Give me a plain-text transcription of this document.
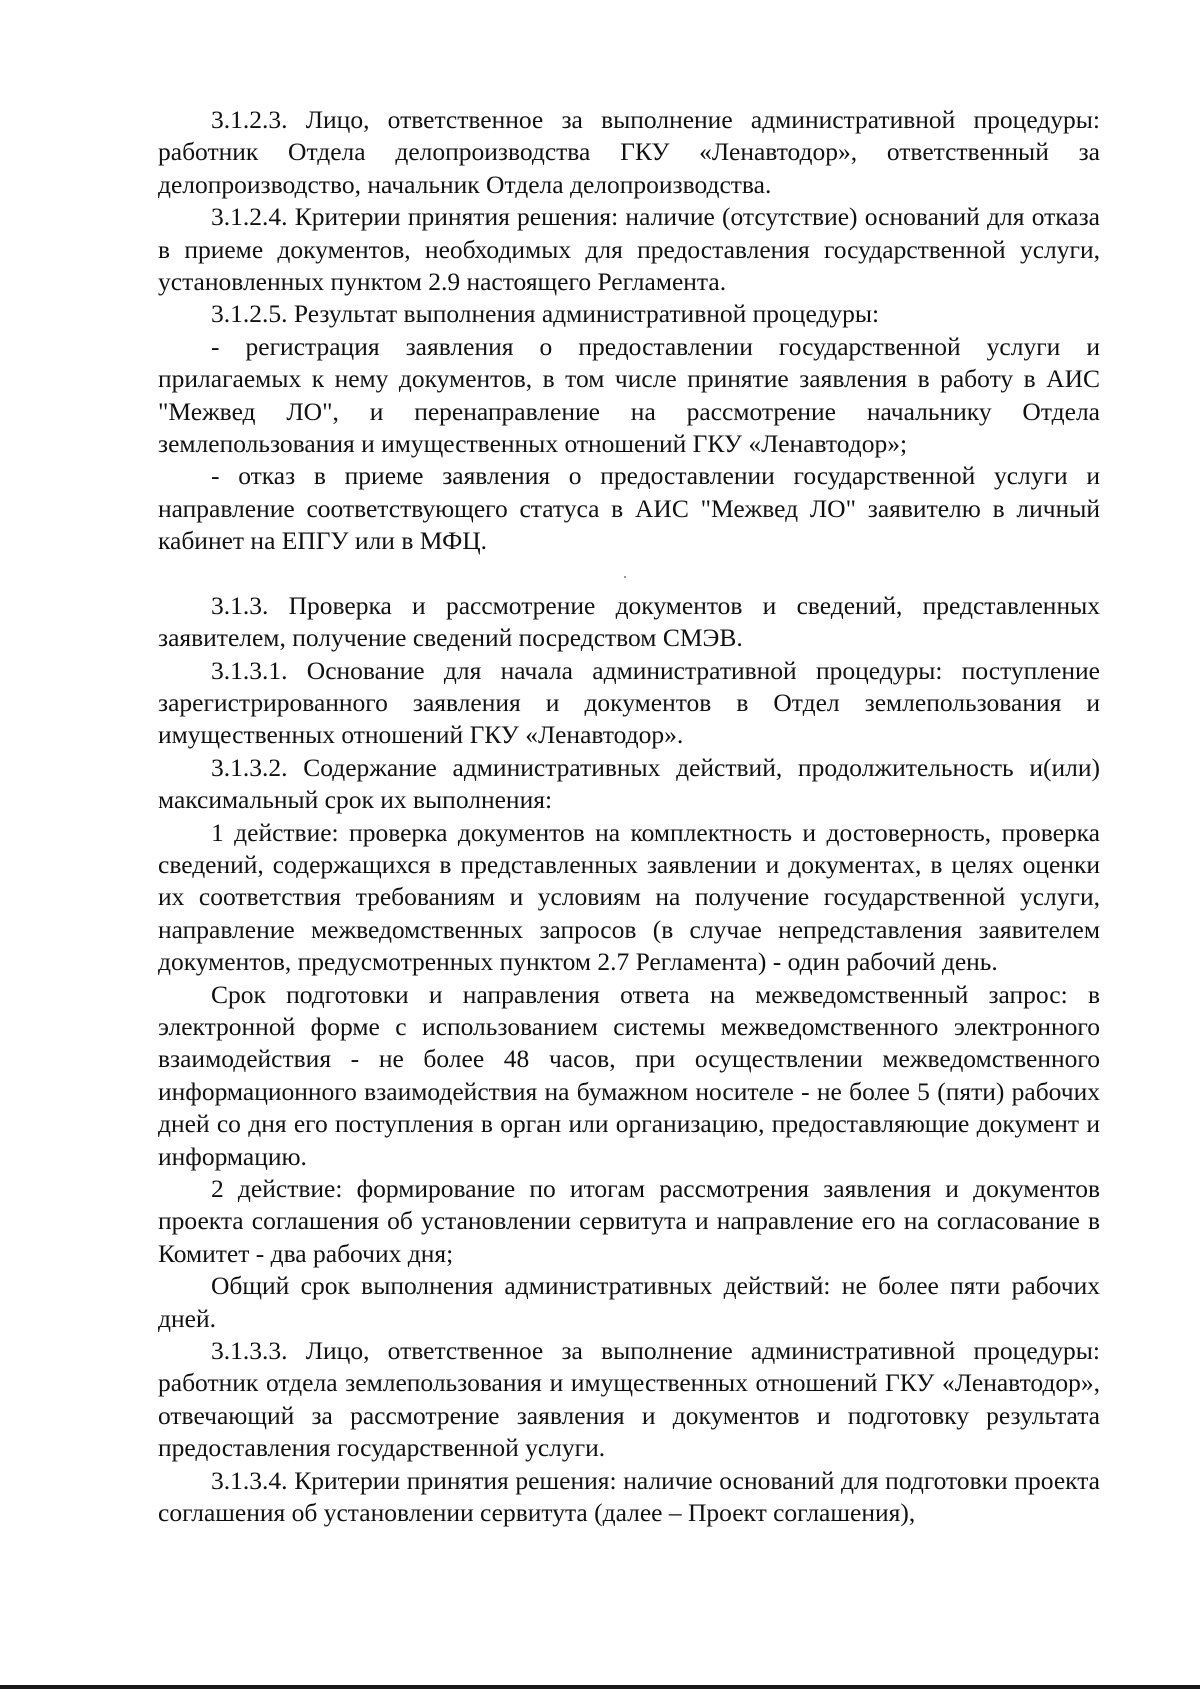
3.1.2.3. Лицо, ответственное за выполнение административной процедуры: работник Отдела делопроизводства ГКУ «Ленавтодор», ответственный за делопроизводство, начальник Отдела делопроизводства.

3.1.2.4. Критерии принятия решения: наличие (отсутствие) оснований для отказа в приеме документов, необходимых для предоставления государственной услуги, установленных пунктом 2.9 настоящего Регламента.

3.1.2.5. Результат выполнения административной процедуры:

- регистрация заявления о предоставлении государственной услуги и прилагаемых к нему документов, в том числе принятие заявления в работу в АИС "Межвед ЛО", и перенаправление на рассмотрение начальнику Отдела землепользования и имущественных отношений ГКУ «Ленавтодор»;

- отказ в приеме заявления о предоставлении государственной услуги и направление соответствующего статуса в АИС "Межвед ЛО" заявителю в личный кабинет на ЕПГУ или в МФЦ.

3.1.3. Проверка и рассмотрение документов и сведений, представленных заявителем, получение сведений посредством СМЭВ.

3.1.3.1. Основание для начала административной процедуры: поступление зарегистрированного заявления и документов в Отдел землепользования и имущественных отношений ГКУ «Ленавтодор».

3.1.3.2. Содержание административных действий, продолжительность и(или) максимальный срок их выполнения:

1 действие: проверка документов на комплектность и достоверность, проверка сведений, содержащихся в представленных заявлении и документах, в целях оценки их соответствия требованиям и условиям на получение государственной услуги, направление межведомственных запросов (в случае непредставления заявителем документов, предусмотренных пунктом 2.7 Регламента) - один рабочий день.

Срок подготовки и направления ответа на межведомственный запрос: в электронной форме с использованием системы межведомственного электронного взаимодействия - не более 48 часов, при осуществлении межведомственного информационного взаимодействия на бумажном носителе - не более 5 (пяти) рабочих дней со дня его поступления в орган или организацию, предоставляющие документ и информацию.

2 действие: формирование по итогам рассмотрения заявления и документов проекта соглашения об установлении сервитута и направление его на согласование в Комитет - два рабочих дня;

Общий срок выполнения административных действий: не более пяти рабочих дней.

3.1.3.3. Лицо, ответственное за выполнение административной процедуры: работник отдела землепользования и имущественных отношений ГКУ «Ленавтодор», отвечающий за рассмотрение заявления и документов и подготовку результата предоставления государственной услуги.

3.1.3.4. Критерии принятия решения: наличие оснований для подготовки проекта соглашения об установлении сервитута (далее – Проект соглашения),
